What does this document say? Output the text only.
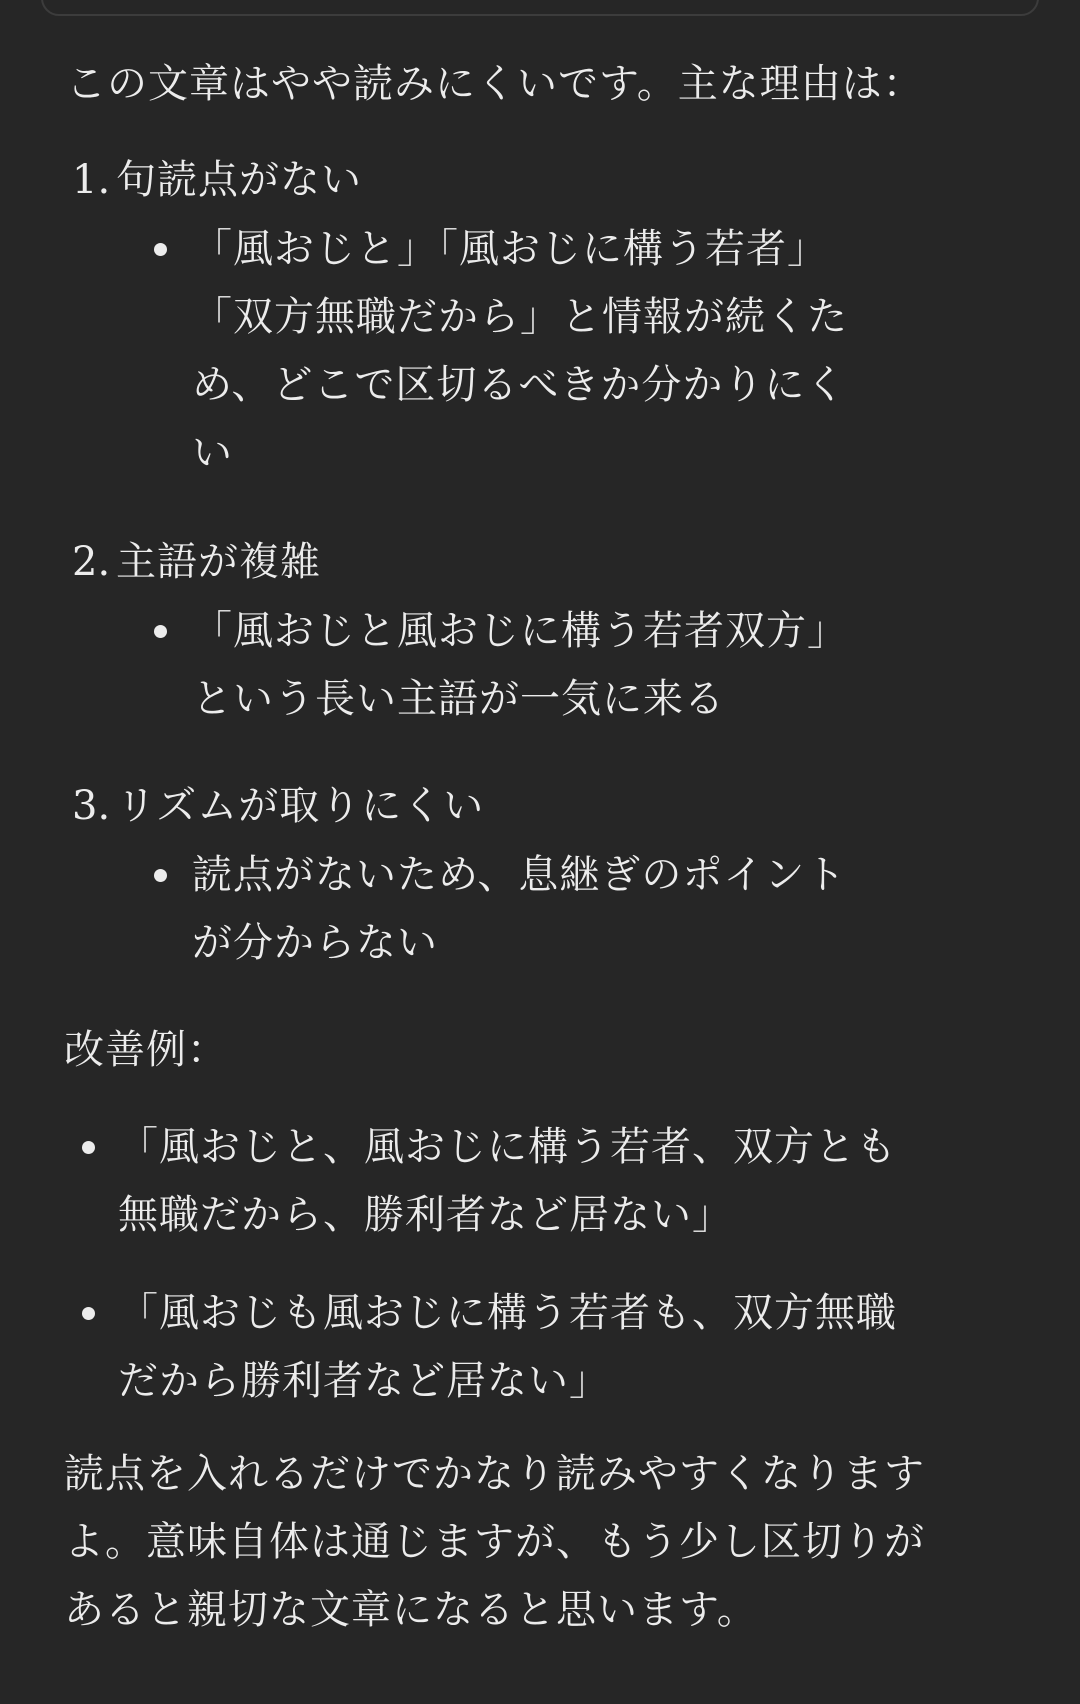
この文章はやや読みにくいです。主な理由は：
1. 句読点がない
「風おじと」「風おじに構う若者」「双方無職だから」と情報が続くため、どこで区切るべきか分かりにくい
2. 主語が複雑
「風おじと風おじに構う若者双方」という長い主語が一気に来る
3. リズムが取りにくい
読点がないため、息継ぎのポイントが分からない
改善例：
「風おじと、風おじに構う若者、双方とも無職だから、勝利者など居ない」
「風おじも風おじに構う若者も、双方無職だから勝利者など居ない」
読点を入れるだけでかなり読みやすくなりますよ。意味自体は通じますが、もう少し区切りがあると親切な文章になると思います。
